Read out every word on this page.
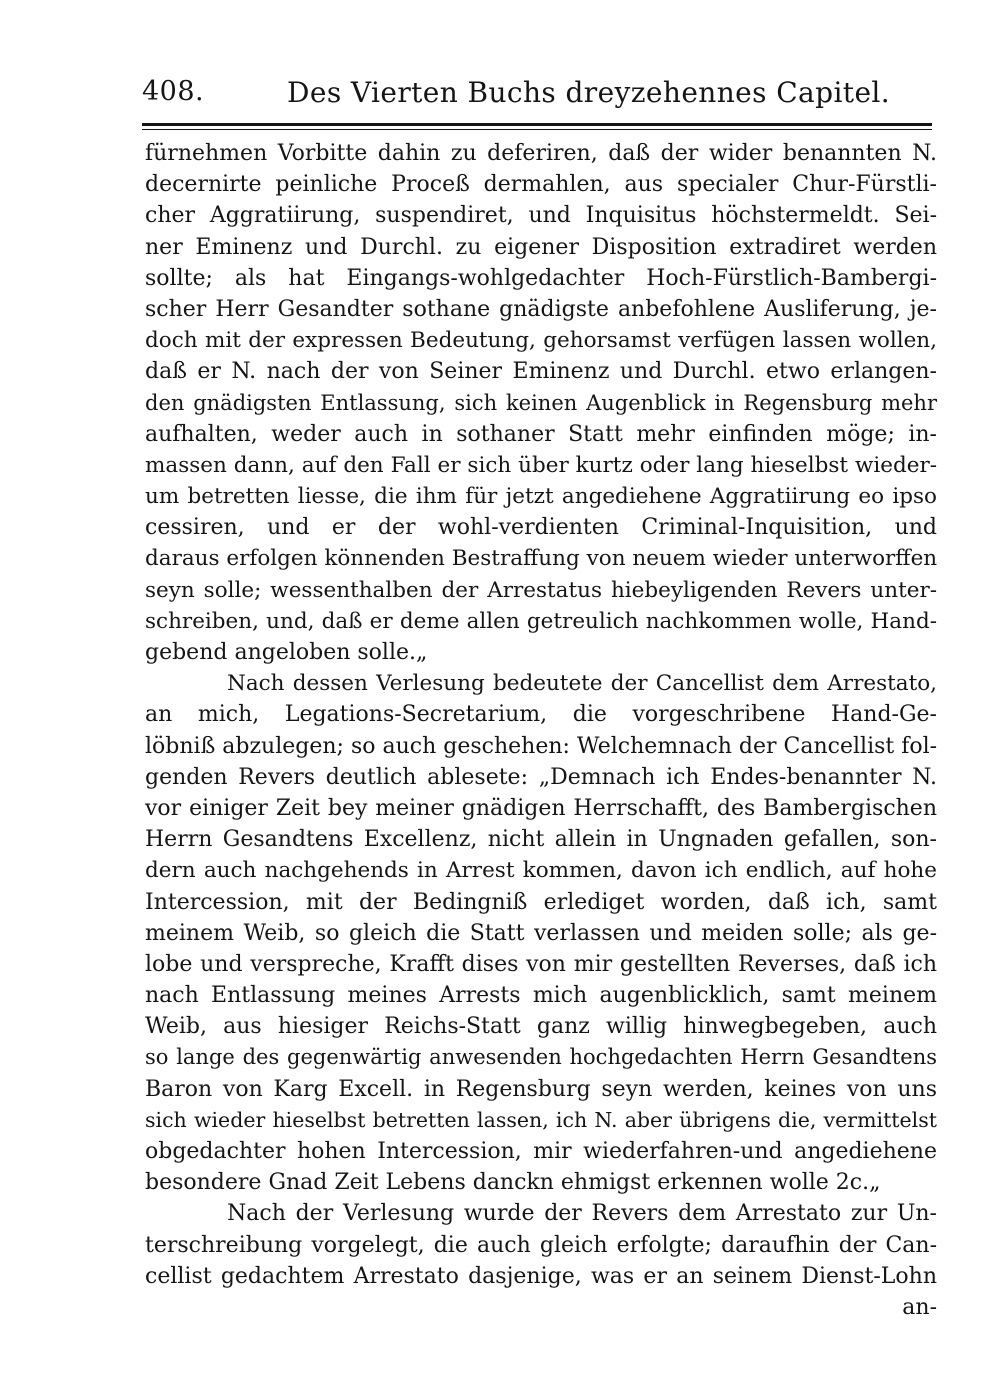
408.	Des Vierten Buchs dreyzehennes Capitel.
fürnehmen Vorbitte dahin zu deferiren, daß der wider benannten N.
decernirte peinliche Proceß dermahlen, aus specialer Chur-Fürstli-
cher Aggratiirung, suspendiret, und Inquisitus höchstermeldt. Sei-
ner Eminenz und Durchl. zu eigener Disposition extradiret werden
sollte; als hat Eingangs-wohlgedachter Hoch-Fürstlich-Bambergi-
scher Herr Gesandter sothane gnädigste anbefohlene Ausliferung, je-
doch mit der expressen Bedeutung, gehorsamst verfügen lassen wollen,
daß er N. nach der von Seiner Eminenz und Durchl. etwo erlangen-
den gnädigsten Entlassung, sich keinen Augenblick in Regensburg mehr
aufhalten, weder auch in sothaner Statt mehr einfinden möge; in-
massen dann, auf den Fall er sich über kurtz oder lang hieselbst wieder-
um betretten liesse, die ihm für jetzt angediehene Aggratiirung eo ipso
cessiren, und er der wohl-verdienten Criminal-Inquisition, und
daraus erfolgen könnenden Bestraffung von neuem wieder unterworffen
seyn solle; wessenthalben der Arrestatus hiebeyligenden Revers unter-
schreiben, und, daß er deme allen getreulich nachkommen wolle, Hand-
gebend angeloben solle.„
Nach dessen Verlesung bedeutete der Cancellist dem Arrestato,
an mich, Legations-Secretarium, die vorgeschribene Hand-Ge-
löbniß abzulegen; so auch geschehen: Welchemnach der Cancellist fol-
genden Revers deutlich ablesete: „Demnach ich Endes-benannter N.
vor einiger Zeit bey meiner gnädigen Herrschafft, des Bambergischen
Herrn Gesandtens Excellenz, nicht allein in Ungnaden gefallen, son-
dern auch nachgehends in Arrest kommen, davon ich endlich, auf hohe
Intercession, mit der Bedingniß erlediget worden, daß ich, samt
meinem Weib, so gleich die Statt verlassen und meiden solle; als ge-
lobe und verspreche, Krafft dises von mir gestellten Reverses, daß ich
nach Entlassung meines Arrests mich augenblicklich, samt meinem
Weib, aus hiesiger Reichs-Statt ganz willig hinwegbegeben, auch
so lange des gegenwärtig anwesenden hochgedachten Herrn Gesandtens
Baron von Karg Excell. in Regensburg seyn werden, keines von uns
sich wieder hieselbst betretten lassen, ich N. aber übrigens die, vermittelst
obgedachter hohen Intercession, mir wiederfahren-und angediehene
besondere Gnad Zeit Lebens danckn ehmigst erkennen wolle 2c.„
Nach der Verlesung wurde der Revers dem Arrestato zur Un-
terschreibung vorgelegt, die auch gleich erfolgte; daraufhin der Can-
cellist gedachtem Arrestato dasjenige, was er an seinem Dienst-Lohn
an-
